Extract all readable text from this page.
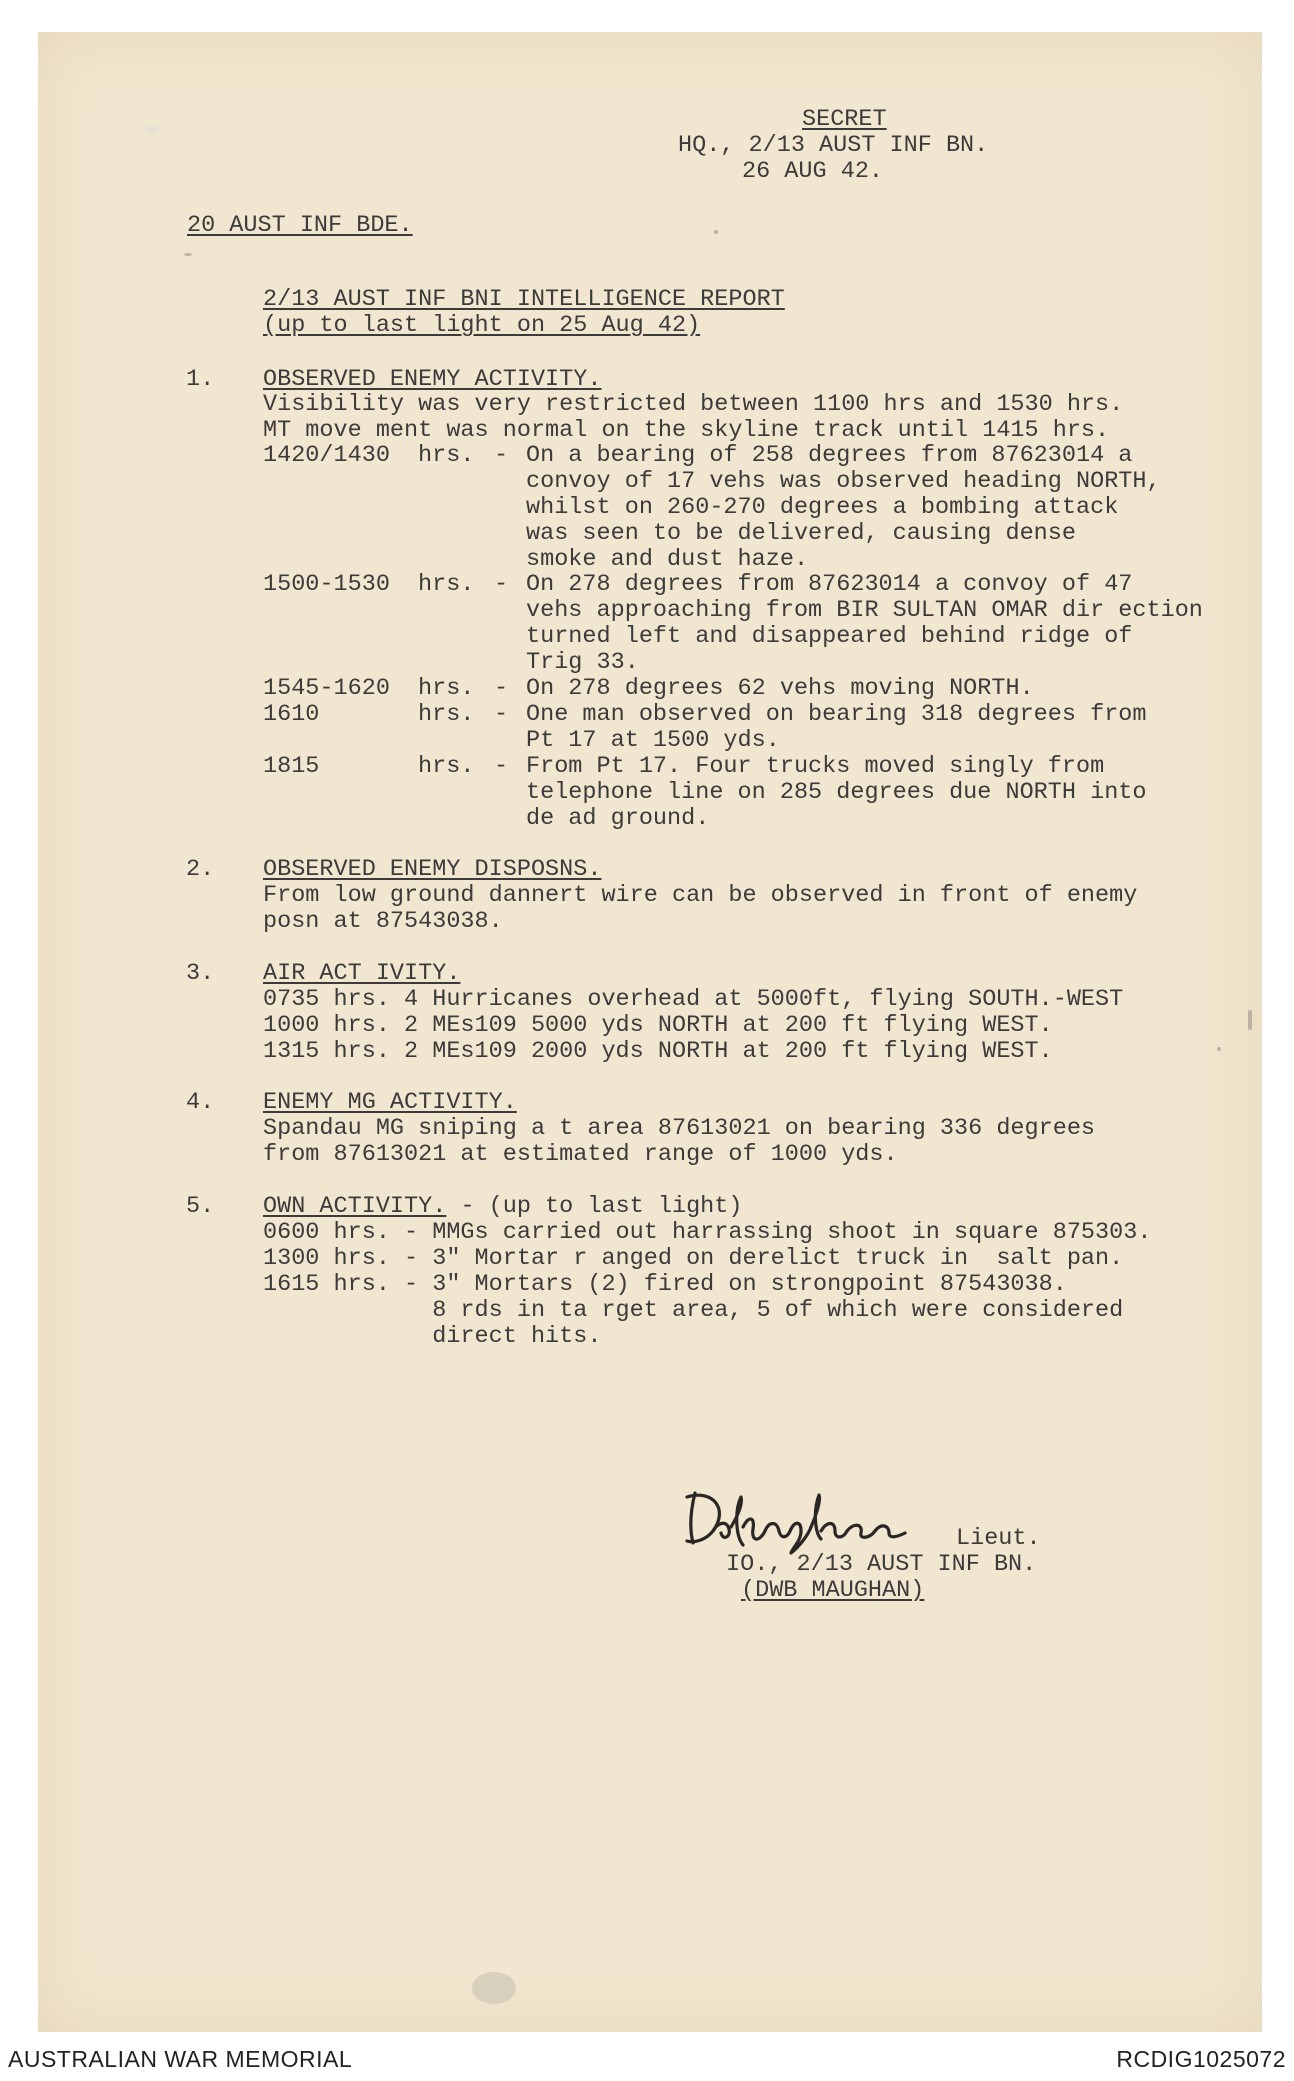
SECRET
HQ., 2/13 AUST INF BN.
26 AUG 42.
20 AUST INF BDE.
2/13 AUST INF BNI INTELLIGENCE REPORT
(up to last light on 25 Aug 42)
1. OBSERVED ENEMY ACTIVITY.
Visibility was very restricted between 1100 hrs and 1530 hrs.
MT move ment was normal on the skyline track until 1415 hrs.
1420/1430 hrs. - On a bearing of 258 degrees from 87623014 a
convoy of 17 vehs was observed heading NORTH,
whilst on 260-270 degrees a bombing attack
was seen to be delivered, causing dense
smoke and dust haze.
1500-1530 hrs. - On 278 degrees from 87623014 a convoy of 47
vehs approaching from BIR SULTAN OMAR dir ection
turned left and disappeared behind ridge of
Trig 33.
1545-1620 hrs. - On 278 degrees 62 vehs moving NORTH.
1610	hrs. - One man observed on bearing 318 degrees from
Pt 17 at 1500 yds.
1815	hrs. - From Pt 17. Four trucks moved singly from
telephone line on 285 degrees due NORTH into
de ad ground.
2. OBSERVED ENEMY DISPOSNS.
From low ground dannert wire can be observed in front of enemy
posn at 87543038.
3. AIR ACT IVITY.
0735 hrs. 4 Hurricanes overhead at 5000ft, flying SOUTH.-WEST
1000 hrs. 2 MEs109 5000 yds NORTH at 200 ft flying WEST.
1315 hrs. 2 MEs109 2000 yds NORTH at 200 ft flying WEST.
4. ENEMY MG ACTIVITY.
Spandau MG sniping a t area 87613021 on bearing 336 degrees
from 87613021 at estimated range of 1000 yds.
5. OWN ACTIVITY. - (up to last light)
0600 hrs. - MMGs carried out harrassing shoot in square 875303.
1300 hrs. - 3" Mortar r anged on derelict truck in  salt pan.
1615 hrs. - 3" Mortars (2) fired on strongpoint 87543038.
8 rds in ta rget area, 5 of which were considered
direct hits.
Lieut.
IO., 2/13 AUST INF BN.
(DWB MAUGHAN)
AUSTRALIAN WAR MEMORIAL	RCDIG1025072
